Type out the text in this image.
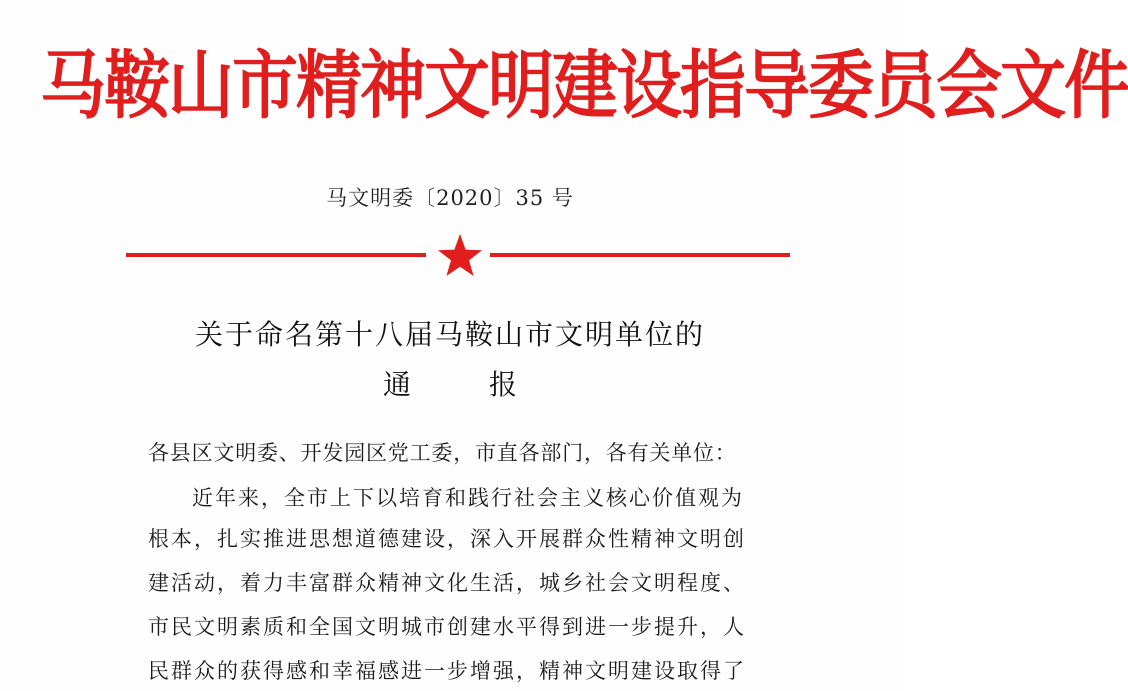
马鞍山市精神文明建设指导委员会文件
马文明委〔2020〕35 号
关于命名第十八届马鞍山市文明单位的
通	报
各县区文明委、开发园区党工委，市直各部门，各有关单位：
近年来，全市上下以培育和践行社会主义核心价值观为
根本，扎实推进思想道德建设，深入开展群众性精神文明创
建活动，着力丰富群众精神文化生活，城乡社会文明程度、
市民文明素质和全国文明城市创建水平得到进一步提升，人
民群众的获得感和幸福感进一步增强，精神文明建设取得了
